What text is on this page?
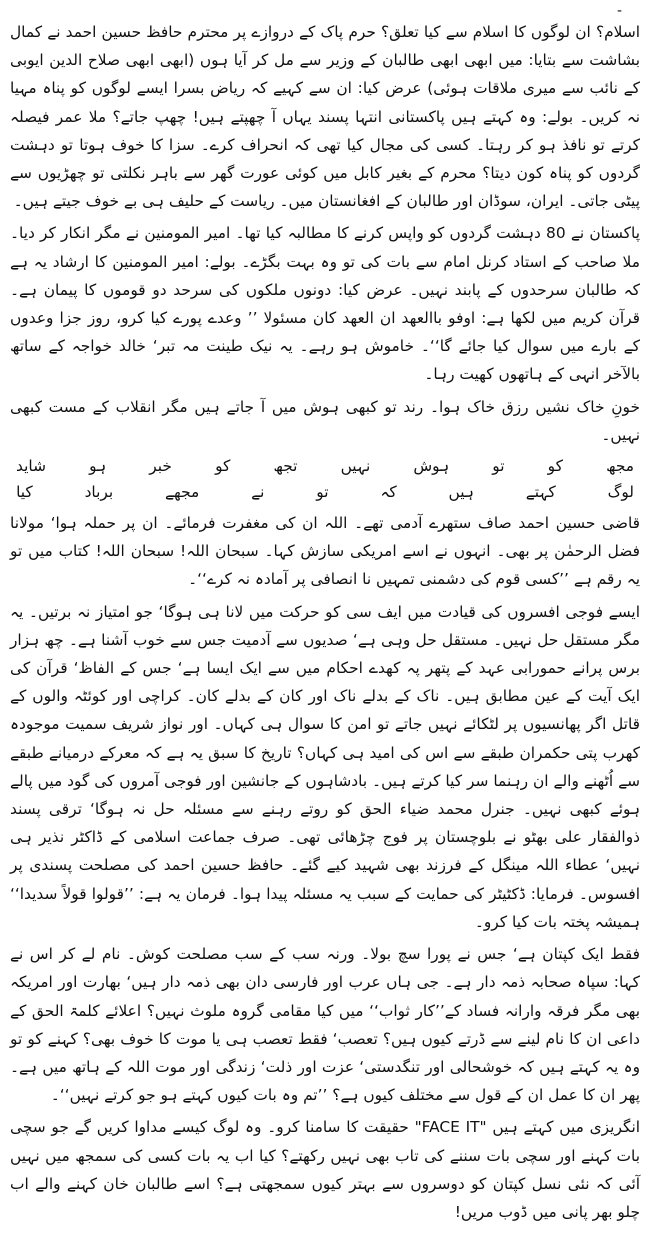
-

اسلام؟ ان لوگوں کا اسلام سے کیا تعلق؟ حرم پاک کے دروازے پر محترم حافظ حسین احمد نے کمال بشاشت سے بتایا: میں ابھی ابھی طالبان کے وزیر سے مل کر آیا ہوں (ابھی ابھی صلاح الدین ایوبی کے نائب سے میری ملاقات ہوئی) عرض کیا: ان سے کہیے کہ ریاض بسرا ایسے لوگوں کو پناہ مہیا نہ کریں۔ بولے: وہ کہتے ہیں پاکستانی انتہا پسند یہاں آ چھپتے ہیں! چھپ جاتے؟ ملا عمر فیصلہ کرتے تو نافذ ہو کر رہتا۔ کسی کی مجال کیا تھی کہ انحراف کرے۔ سزا کا خوف ہوتا تو دہشت گردوں کو پناہ کون دیتا؟ محرم کے بغیر کابل میں کوئی عورت گھر سے باہر نکلتی تو چھڑیوں سے پیٹی جاتی۔ ایران، سوڈان اور طالبان کے افغانستان میں۔ ریاست کے حلیف ہی بے خوف جیتے ہیں۔

پاکستان نے 80 دہشت گردوں کو واپس کرنے کا مطالبہ کیا تھا۔ امیر المومنین نے مگر انکار کر دیا۔ ملا صاحب کے استاد کرنل امام سے بات کی تو وہ بہت بگڑے۔ بولے: امیر المومنین کا ارشاد یہ ہے کہ طالبان سرحدوں کے پابند نہیں۔ عرض کیا: دونوں ملکوں کی سرحد دو قوموں کا پیمان ہے۔ قرآن کریم میں لکھا ہے: اوفو باالعھد ان العھد کان مسئولا ’’ وعدے پورے کیا کرو، روز جزا وعدوں کے بارے میں سوال کیا جائے گا‘‘۔ خاموش ہو رہے۔ یہ نیک طینت مہ تبر‘ خالد خواجہ کے ساتھ بالآخر انہی کے ہاتھوں کھیت رہا۔

خونِ خاک نشیں رزق خاک ہوا۔ رند تو کبھی ہوش میں آ جاتے ہیں مگر انقلاب کے مست کبھی نہیں۔

مجھ
کو
تو
ہوش
نہیں
تجھ
کو
خبر
ہو
شاید
لوگ
کہتے
ہیں
کہ
تو
نے
مجھے
برباد
کیا

قاضی حسین احمد صاف ستھرے آدمی تھے۔ اللہ ان کی مغفرت فرمائے۔ ان پر حملہ ہوا‘ مولانا فضل الرحمٰن پر بھی۔ انہوں نے اسے امریکی سازش کہا۔ سبحان اللہ! سبحان اللہ! کتاب میں تو یہ رقم ہے ’’کسی قوم کی دشمنی تمہیں نا انصافی پر آمادہ نہ کرے‘‘۔

ایسے فوجی افسروں کی قیادت میں ایف سی کو حرکت میں لانا ہی ہوگا‘ جو امتیاز نہ برتیں۔ یہ مگر مستقل حل نہیں۔ مستقل حل وہی ہے‘ صدیوں سے آدمیت جس سے خوب آشنا ہے۔ چھ ہزار برس پرانے حمورابی عہد کے پتھر پہ کھدے احکام میں سے ایک ایسا ہے‘ جس کے الفاظ‘ قرآن کی ایک آیت کے عین مطابق ہیں۔ ناک کے بدلے ناک اور کان کے بدلے کان۔ کراچی اور کوئٹہ والوں کے قاتل اگر پھانسیوں پر لٹکائے نہیں جاتے تو امن کا سوال ہی کہاں۔ اور نواز شریف سمیت موجودہ کھرب پتی حکمران طبقے سے اس کی امید ہی کہاں؟ تاریخ کا سبق یہ ہے کہ معرکے درمیانے طبقے سے اُٹھنے والے ان رہنما سر کیا کرتے ہیں۔ بادشاہوں کے جانشین اور فوجی آمروں کی گود میں پالے ہوئے کبھی نہیں۔ جنرل محمد ضیاء الحق کو روتے رہنے سے مسئلہ حل نہ ہوگا‘ ترقی پسند ذوالفقار علی بھٹو نے بلوچستان پر فوج چڑھائی تھی۔ صرف جماعت اسلامی کے ڈاکٹر نذیر ہی نہیں‘ عطاء اللہ مینگل کے فرزند بھی شہید کیے گئے۔ حافظ حسین احمد کی مصلحت پسندی پر افسوس۔ فرمایا: ڈکٹیٹر کی حمایت کے سبب یہ مسئلہ پیدا ہوا۔ فرمان یہ ہے: ’’قولوا قولاً سدیدا‘‘ ہمیشہ پختہ بات کیا کرو۔

فقط ایک کپتان ہے‘ جس نے پورا سچ بولا۔ ورنہ سب کے سب مصلحت کوش۔ نام لے کر اس نے کہا: سپاہ صحابہ ذمہ دار ہے۔ جی ہاں عرب اور فارسی دان بھی ذمہ دار ہیں‘ بھارت اور امریکہ بھی مگر فرقہ وارانہ فساد کے’’کار ثواب‘‘ میں کیا مقامی گروہ ملوث نہیں؟ اعلائے کلمۃ الحق کے داعی ان کا نام لینے سے ڈرتے کیوں ہیں؟ تعصب‘ فقط تعصب ہی یا موت کا خوف بھی؟ کہنے کو تو وہ یہ کہتے ہیں کہ خوشحالی اور تنگدستی‘ عزت اور ذلت‘ زندگی اور موت اللہ کے ہاتھ میں ہے۔ پھر ان کا عمل ان کے قول سے مختلف کیوں ہے؟ ’’تم وہ بات کیوں کہتے ہو جو کرتے نہیں‘‘۔

انگریزی میں کہتے ہیں "FACE IT" حقیقت کا سامنا کرو۔ وہ لوگ کیسے مداوا کریں گے جو سچی بات کہنے اور سچی بات سننے کی تاب بھی نہیں رکھتے؟ کیا اب یہ بات کسی کی سمجھ میں نہیں آئی کہ نئی نسل کپتان کو دوسروں سے بہتر کیوں سمجھتی ہے؟ اسے طالبان خان کہنے والے اب چلو بھر پانی میں ڈوب مریں!
